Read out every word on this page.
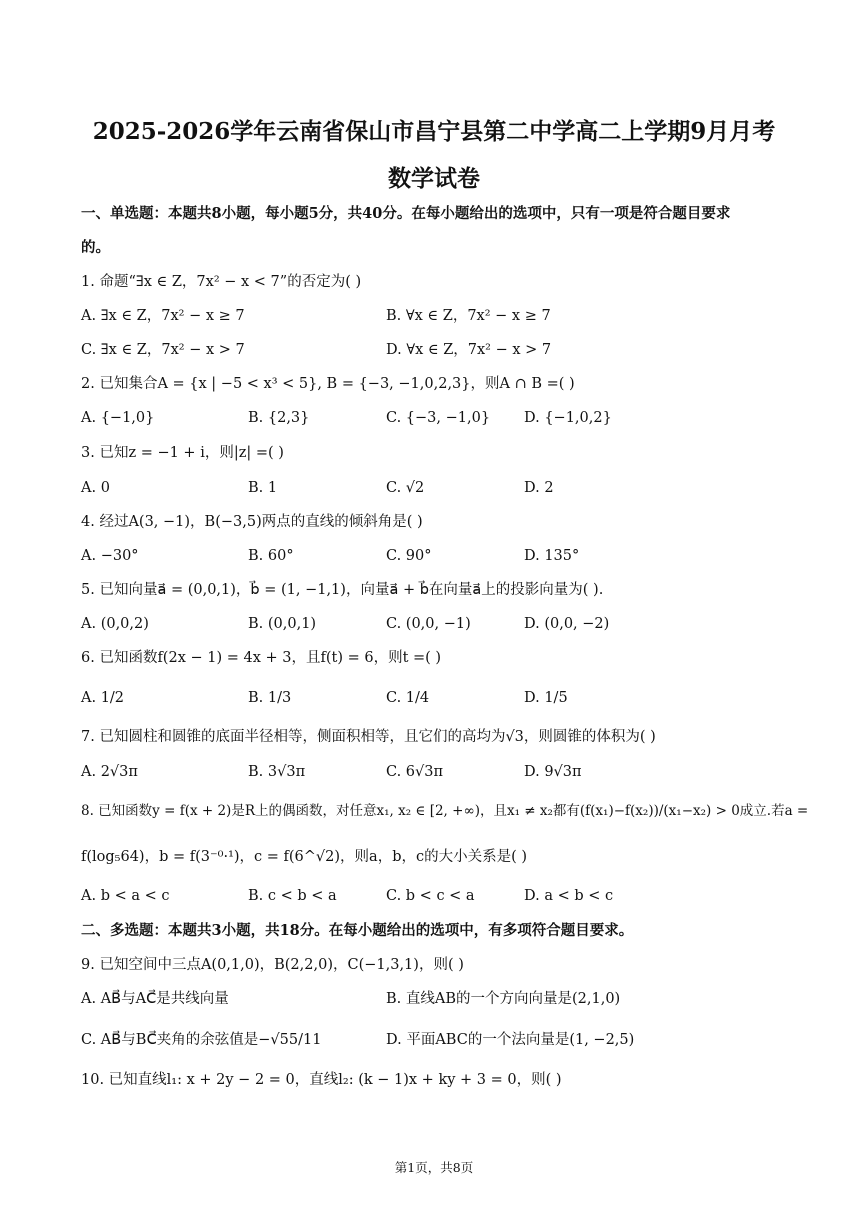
2025-2026学年云南省保山市昌宁县第二中学高二上学期9月月考
数学试卷
一、单选题：本题共8小题，每小题5分，共40分。在每小题给出的选项中，只有一项是符合题目要求
的。
1. 命题“∃x ∈ Z，7x² − x < 7”的否定为( )
A. ∃x ∈ Z，7x² − x ≥ 7	B. ∀x ∈ Z，7x² − x ≥ 7
C. ∃x ∈ Z，7x² − x > 7	D. ∀x ∈ Z，7x² − x > 7
2. 已知集合A = {x | −5 < x³ < 5}, B = {−3, −1,0,2,3}，则A ∩ B =( )
A. {−1,0}	B. {2,3}	C. {−3, −1,0} D. {−1,0,2}
3. 已知z = −1 + i，则|z| =( )
A. 0	B. 1	C. √2	D. 2
4. 经过A(3, −1)，B(−3,5)两点的直线的倾斜角是( )
A. −30°	B. 60°	C. 90°	D. 135°
5. 已知向量a⃗ = (0,0,1)，b⃗ = (1, −1,1)，向量a⃗ + b⃗在向量a⃗上的投影向量为( ).
A. (0,0,2)	B. (0,0,1)	C. (0,0, −1)	D. (0,0, −2)
6. 已知函数f(2x − 1) = 4x + 3，且f(t) = 6，则t =( )
A. 1/2	B. 1/3	C. 1/4	D. 1/5
7. 已知圆柱和圆锥的底面半径相等，侧面积相等，且它们的高均为√3，则圆锥的体积为( )
A. 2√3π	B. 3√3π	C. 6√3π	D. 9√3π
8. 已知函数y = f(x + 2)是R上的偶函数，对任意x₁, x₂ ∈ [2, +∞)，且x₁ ≠ x₂都有(f(x₁)−f(x₂))/(x₁−x₂) > 0成立.若a =
f(log₅64)，b = f(3⁻⁰·¹)，c = f(6^√2)，则a，b，c的大小关系是( )
A. b < a < c	B. c < b < a	C. b < c < a	D. a < b < c
二、多选题：本题共3小题，共18分。在每小题给出的选项中，有多项符合题目要求。
9. 已知空间中三点A(0,1,0)，B(2,2,0)，C(−1,3,1)，则( )
A. AB⃗与AC⃗是共线向量	B. 直线AB的一个方向向量是(2,1,0)
C. AB⃗与BC⃗夹角的余弦值是−√55/11	D. 平面ABC的一个法向量是(1, −2,5)
10. 已知直线l₁: x + 2y − 2 = 0，直线l₂: (k − 1)x + ky + 3 = 0，则( )
第1页，共8页
